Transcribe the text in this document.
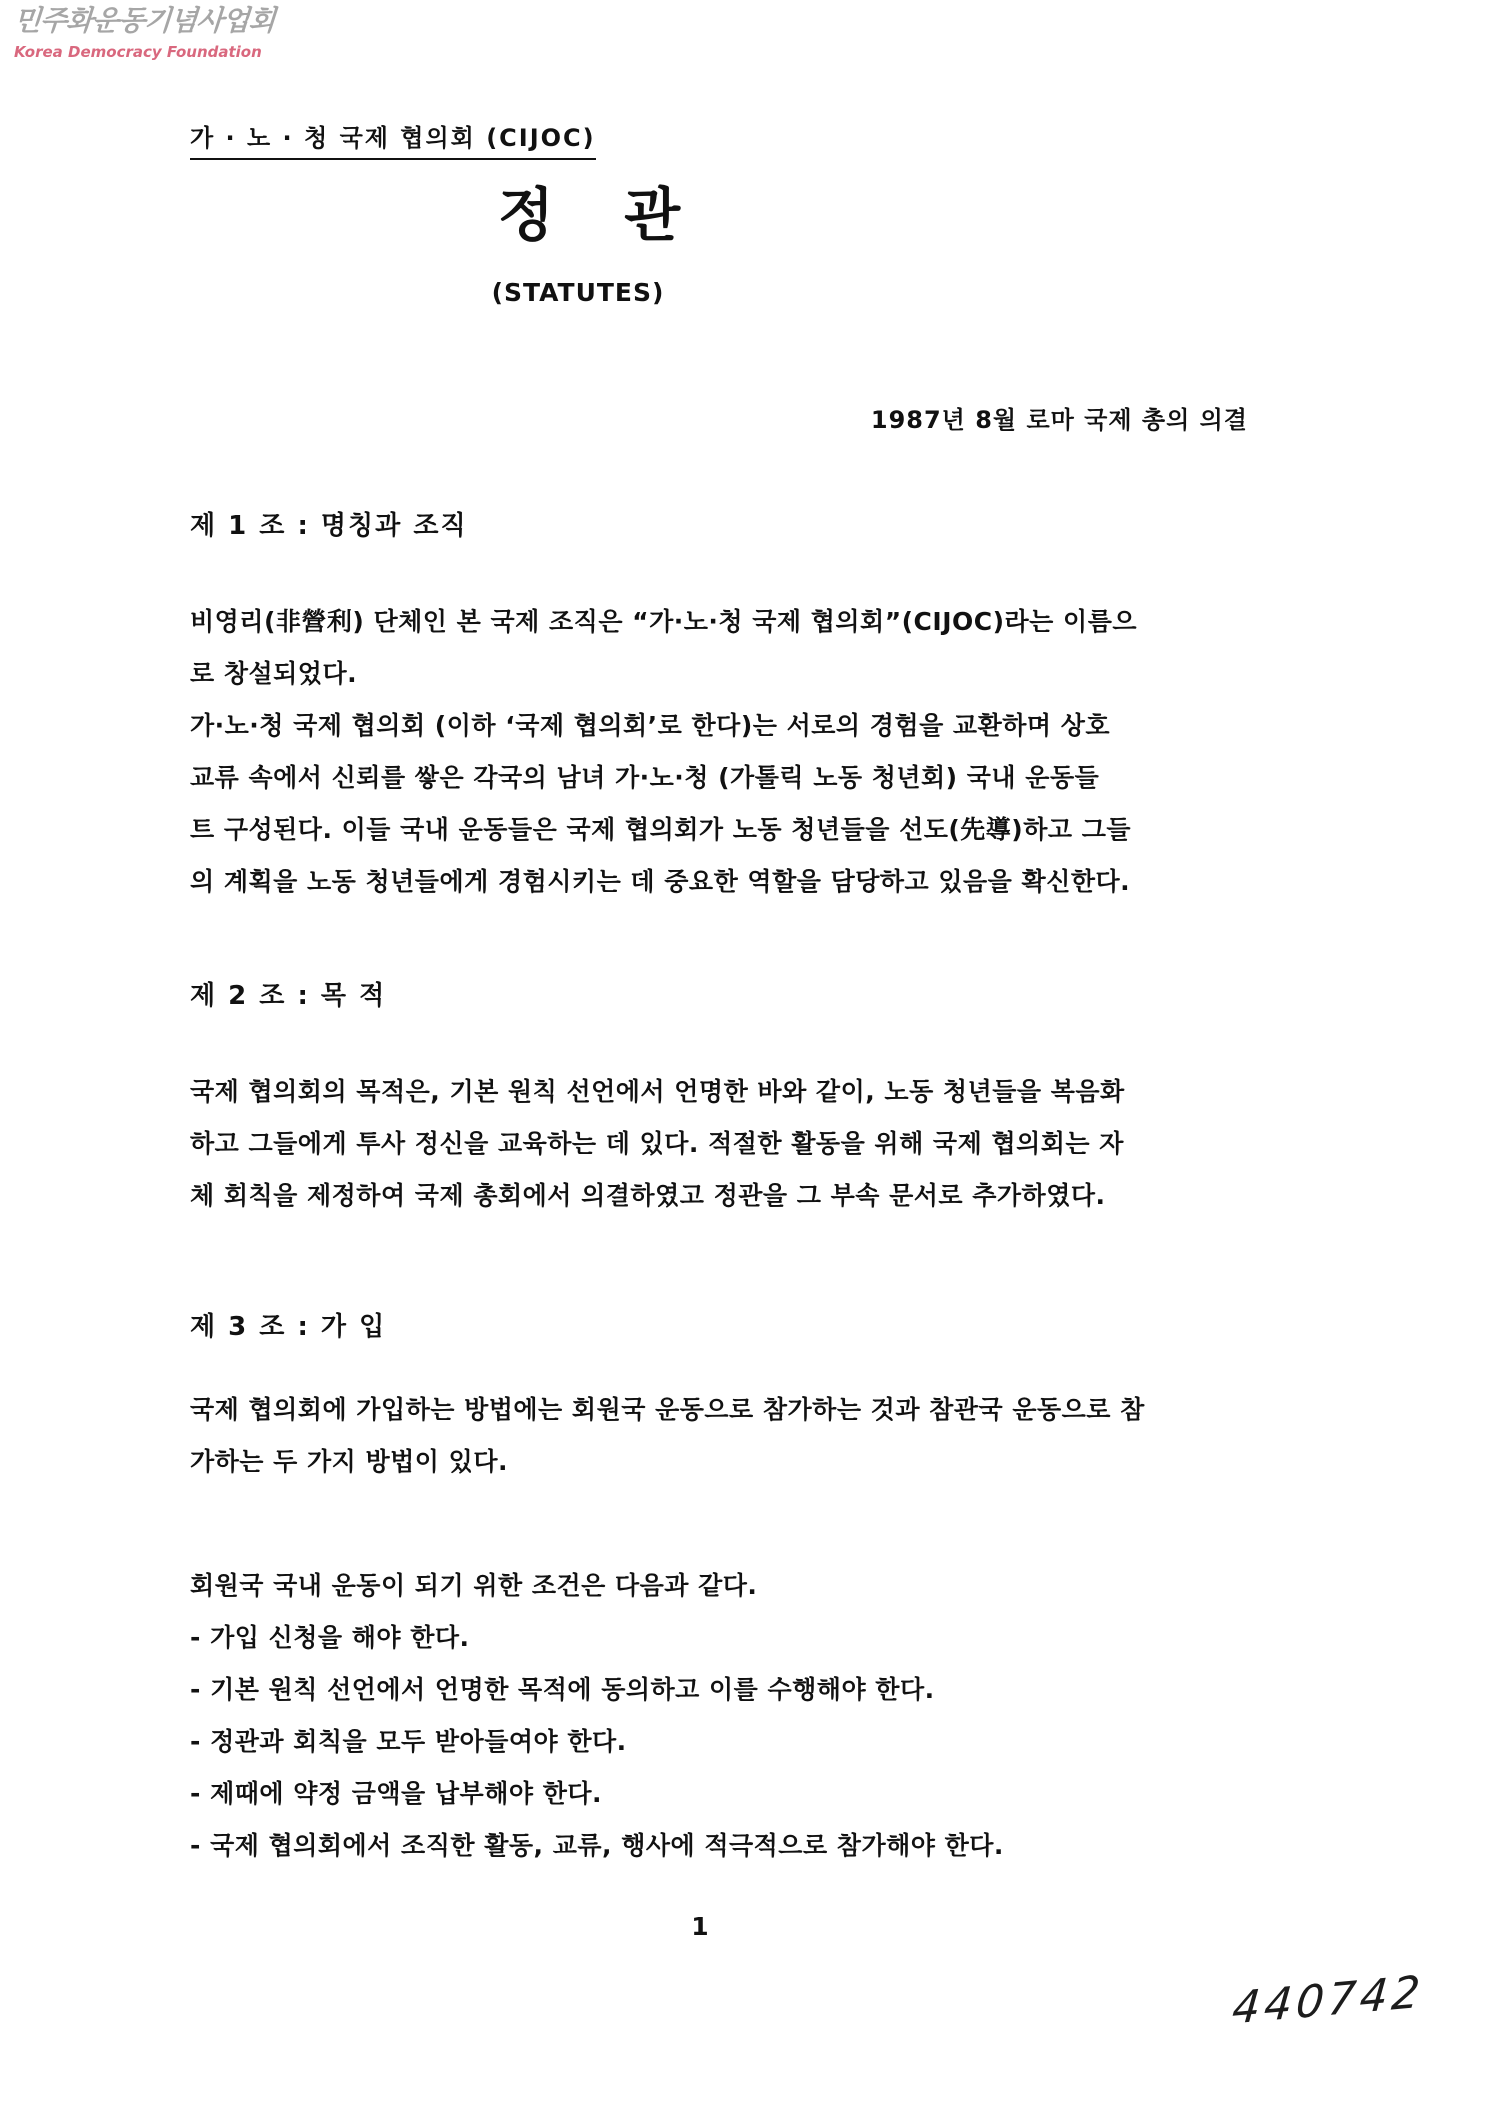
민주화운동기념사업회
Korea Democracy Foundation
가 · 노 · 청 국제 협의회 (CIJOC)
정 관
(STATUTES)
1987년 8월 로마 국제 총의 의결
제 1 조 : 명칭과 조직
비영리(非營利) 단체인 본 국제 조직은 “가·노·청 국제 협의회”(CIJOC)라는 이름으
로 창설되었다.
가·노·청 국제 협의회 (이하 ‘국제 협의회’로 한다)는 서로의 경험을 교환하며 상호
교류 속에서 신뢰를 쌓은 각국의 남녀 가·노·청 (가톨릭 노동 청년회) 국내 운동들
트 구성된다. 이들 국내 운동들은 국제 협의회가 노동 청년들을 선도(先導)하고 그들
의 계획을 노동 청년들에게 경험시키는 데 중요한 역할을 담당하고 있음을 확신한다.
제 2 조 : 목 적
국제 협의회의 목적은, 기본 원칙 선언에서 언명한 바와 같이, 노동 청년들을 복음화
하고 그들에게 투사 정신을 교육하는 데 있다. 적절한 활동을 위해 국제 협의회는 자
체 회칙을 제정하여 국제 총회에서 의결하였고 정관을 그 부속 문서로 추가하였다.
제 3 조 : 가 입
국제 협의회에 가입하는 방법에는 회원국 운동으로 참가하는 것과 참관국 운동으로 참
가하는 두 가지 방법이 있다.
회원국 국내 운동이 되기 위한 조건은 다음과 같다.
- 가입 신청을 해야 한다.
- 기본 원칙 선언에서 언명한 목적에 동의하고 이를 수행해야 한다.
- 정관과 회칙을 모두 받아들여야 한다.
- 제때에 약정 금액을 납부해야 한다.
- 국제 협의회에서 조직한 활동, 교류, 행사에 적극적으로 참가해야 한다.
1
440742
